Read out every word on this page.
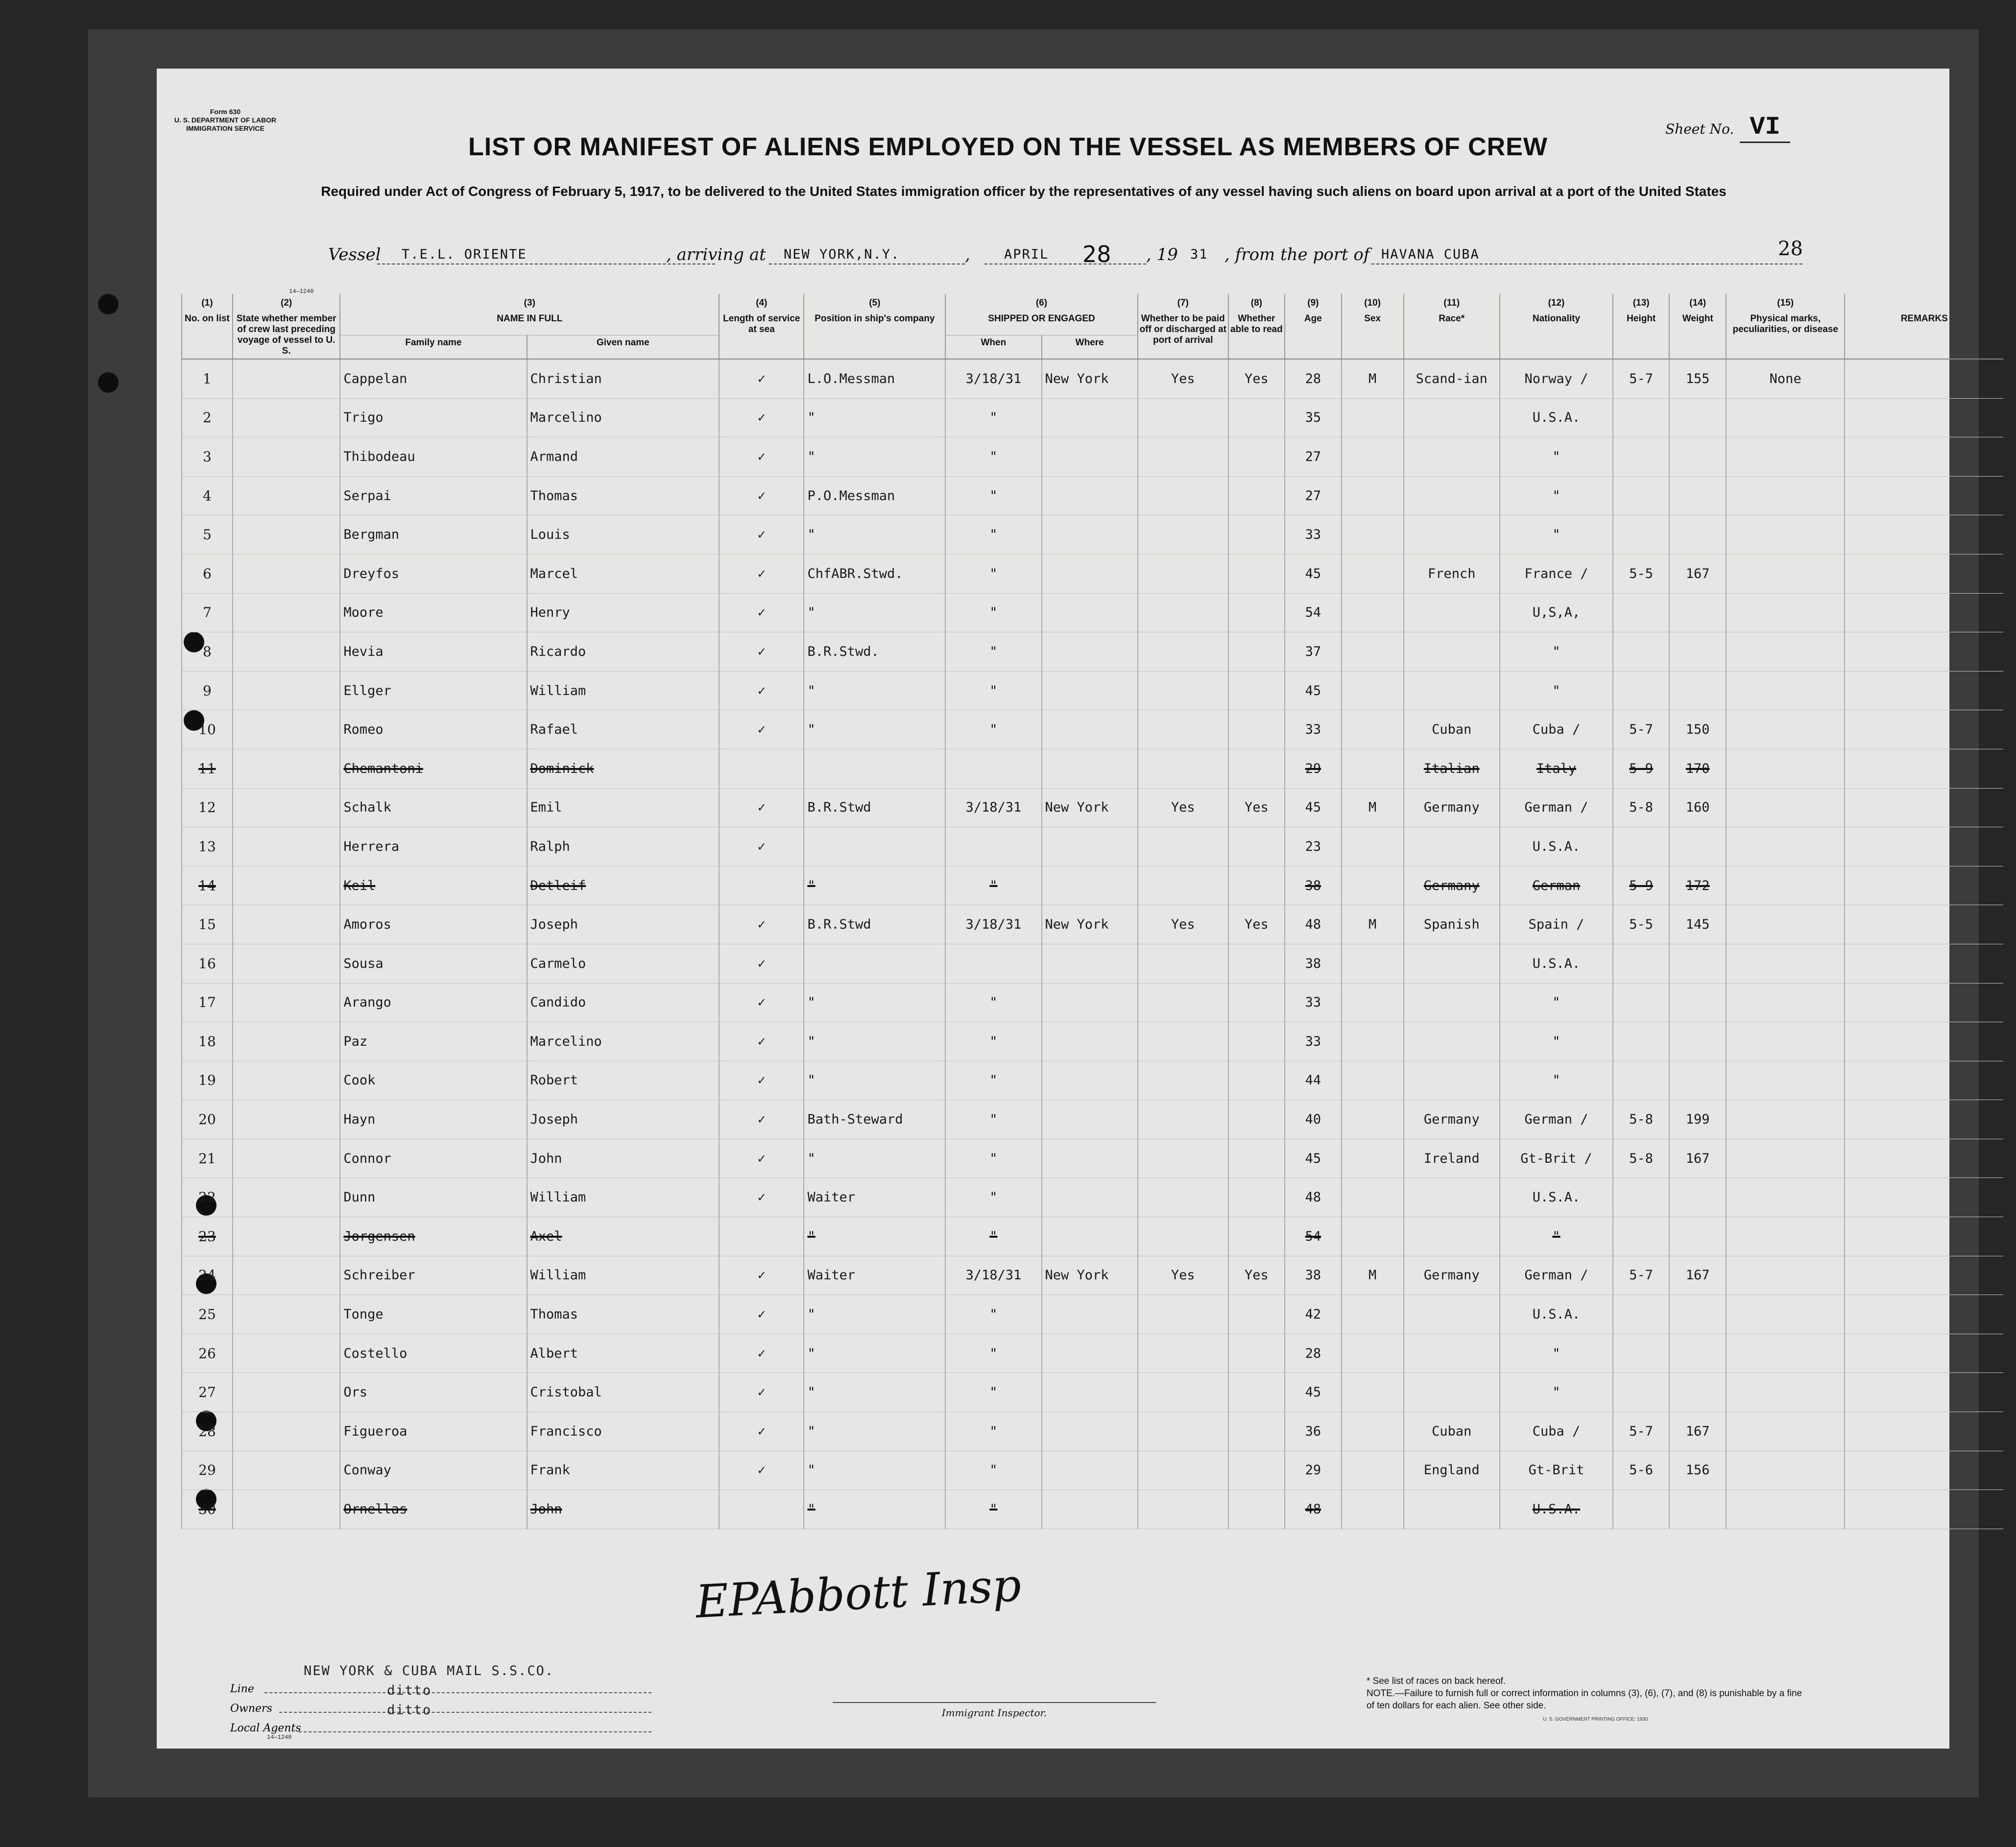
Form 630
U. S. DEPARTMENT OF LABOR
IMMIGRATION SERVICE	Sheet No. VI
LIST OR MANIFEST OF ALIENS EMPLOYED ON THE VESSEL AS MEMBERS OF CREW
Required under Act of Congress of February 5, 1917, to be delivered to the United States immigration officer by the representatives of any vessel having such aliens on board upon arrival at a port of the United States
Vessel T.E.L. ORIENTE	, arriving at NEW YORK,N.Y.	,	APRIL 28 , 19 31 , from the port of HAVANA CUBA	28
14—1240
(1)	(2)	(3)		(4)	(5)	(6)		(7)	(8)	(9)	(10)	(11)	(12)	(13)	(14)	(15)	
No. on list	State whether member of crew last preceding voyage of vessel to U. S.	NAME IN FULL		Length of service at sea	Position in ship's company	SHIPPED OR ENGAGED		Whether to be paid off or discharged at port of arrival	Whether able to read	Age	Sex	Race*	Nationality	Height	Weight	Physical marks, peculiarities, or disease	REMARKS
		Family name	Given name			When	Where										
1		Cappelan	Christian	✓	L.O.Messman	3/18/31	New York	Yes	Yes	28	M	Scand-ian	Norway /	5-7	155	None	
2		Trigo	Marcelino	✓	"	"				35			U.S.A.				
3		Thibodeau	Armand	✓	"	"				27			"				
4		Serpai	Thomas	✓	P.O.Messman	"				27			"				
5		Bergman	Louis	✓	"	"				33			"				
6		Dreyfos	Marcel	✓	ChfABR.Stwd.	"				45		French	France /	5-5	167		
7		Moore	Henry	✓	"	"				54			U,S,A,				
8		Hevia	Ricardo	✓	B.R.Stwd.	"				37			"				
9		Ellger	William	✓	"	"				45			"				
10		Romeo	Rafael	✓	"	"				33		Cuban	Cuba /	5-7	150		
11		Chemantoni	Dominick							29		Italian	Italy	5-9	170		
12		Schalk	Emil	✓	B.R.Stwd	3/18/31	New York	Yes	Yes	45	M	Germany	German /	5-8	160		
13		Herrera	Ralph	✓						23			U.S.A.				
14		Keil	Detleif		"	"				38		Germany	German	5-9	172		
15		Amoros	Joseph	✓	B.R.Stwd	3/18/31	New York	Yes	Yes	48	M	Spanish	Spain /	5-5	145		
16		Sousa	Carmelo	✓						38			U.S.A.				
17		Arango	Candido	✓	"	"				33			"				
18		Paz	Marcelino	✓	"	"				33			"				
19		Cook	Robert	✓	"	"				44			"				
20		Hayn	Joseph	✓	Bath-Steward	"				40		Germany	German /	5-8	199		
21		Connor	John	✓	"	"				45		Ireland	Gt-Brit /	5-8	167		
22		Dunn	William	✓	Waiter	"				48			U.S.A.				
23		Jorgensen	Axel		"	"				54			"				
24		Schreiber	William	✓	Waiter	3/18/31	New York	Yes	Yes	38	M	Germany	German /	5-7	167		
25		Tonge	Thomas	✓	"	"				42			U.S.A.				
26		Costello	Albert	✓	"	"				28			"				
27		Ors	Cristobal	✓	"	"				45			"				
28		Figueroa	Francisco	✓	"	"				36		Cuban	Cuba /	5-7	167		
29		Conway	Frank	✓	"	"				29		England	Gt-Brit	5-6	156		
30		Ornellas	John		"	"				48			U.S.A.				
EPAbbott Insp
NEW YORK & CUBA MAIL S.S.CO.
ditto
ditto
Line
Owners
Local Agents
14—1240
Immigrant Inspector.
* See list of races on back hereof.
NOTE.—Failure to furnish full or correct information in columns (3), (6), (7), and (8) is punishable by a fine of ten dollars for each alien. See other side.
U. S. GOVERNMENT PRINTING OFFICE: 1930
